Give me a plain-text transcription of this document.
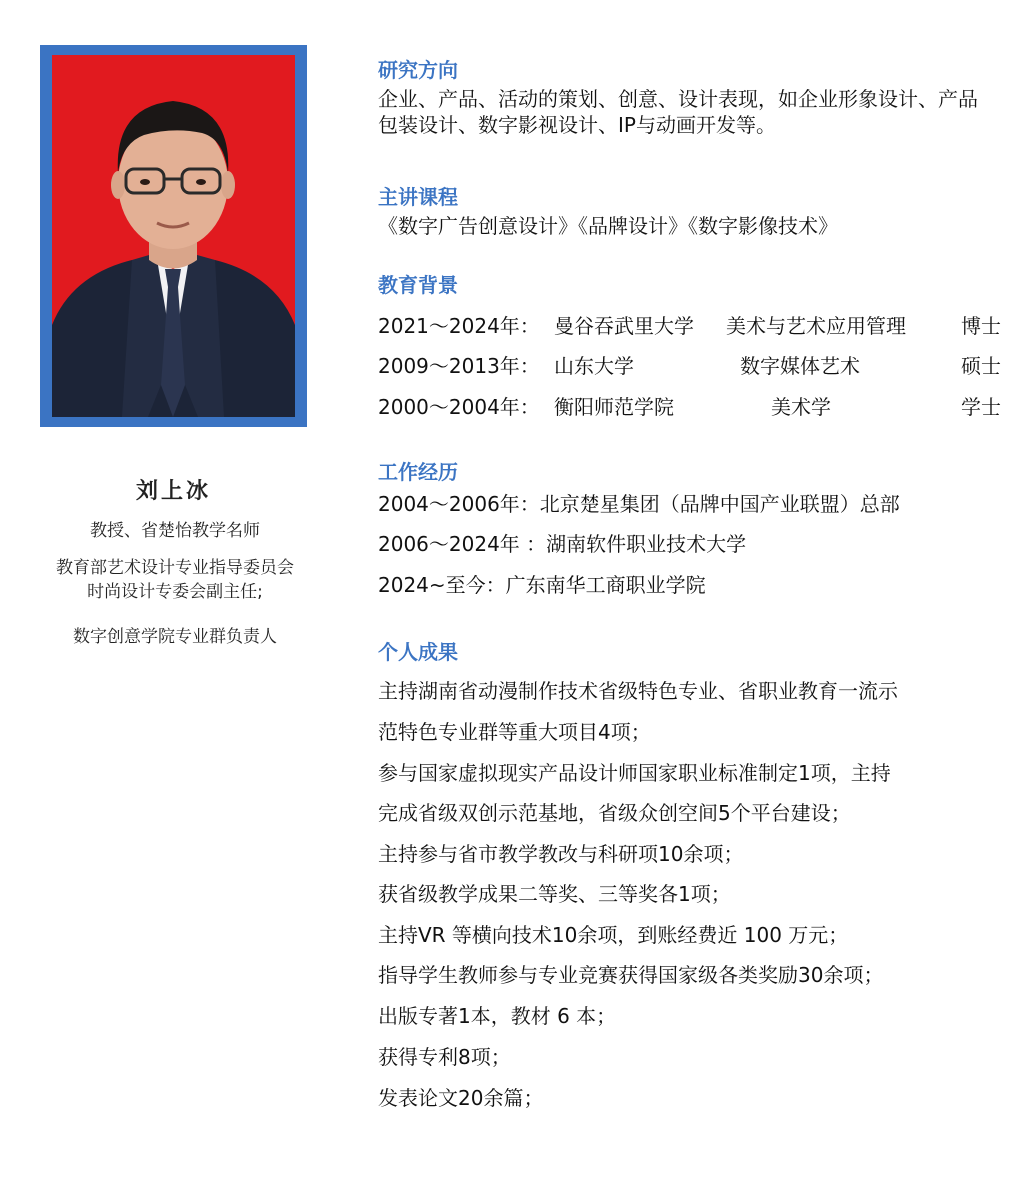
刘上冰
教授、省楚怡教学名师
教育部艺术设计专业指导委员会
时尚设计专委会副主任;
数字创意学院专业群负责人
研究方向
企业、产品、活动的策划、创意、设计表现，如企业形象设计、产品包装设计、数字影视设计、IP与动画开发等。
主讲课程
《数字广告创意设计》《品牌设计》《数字影像技术》
教育背景
2021～2024年： 曼谷吞武里大学 美术与艺术应用管理	博士
2009～2013年： 山东大学	数字媒体艺术	硕士
2000～2004年： 衡阳师范学院	美术学	学士
工作经历
2004～2006年：北京楚星集团（品牌中国产业联盟）总部
2006～2024年 ：湖南软件职业技术大学
2024~至今：广东南华工商职业学院
个人成果
主持湖南省动漫制作技术省级特色专业、省职业教育一流示
范特色专业群等重大项目4项；
参与国家虚拟现实产品设计师国家职业标准制定1项，主持
完成省级双创示范基地，省级众创空间5个平台建设；
主持参与省市教学教改与科研项10余项；
获省级教学成果二等奖、三等奖各1项；
主持VR 等横向技术10余项，到账经费近 100 万元；
指导学生教师参与专业竞赛获得国家级各类奖励30余项；
出版专著1本，教材 6 本；
获得专利8项；
发表论文20余篇；
